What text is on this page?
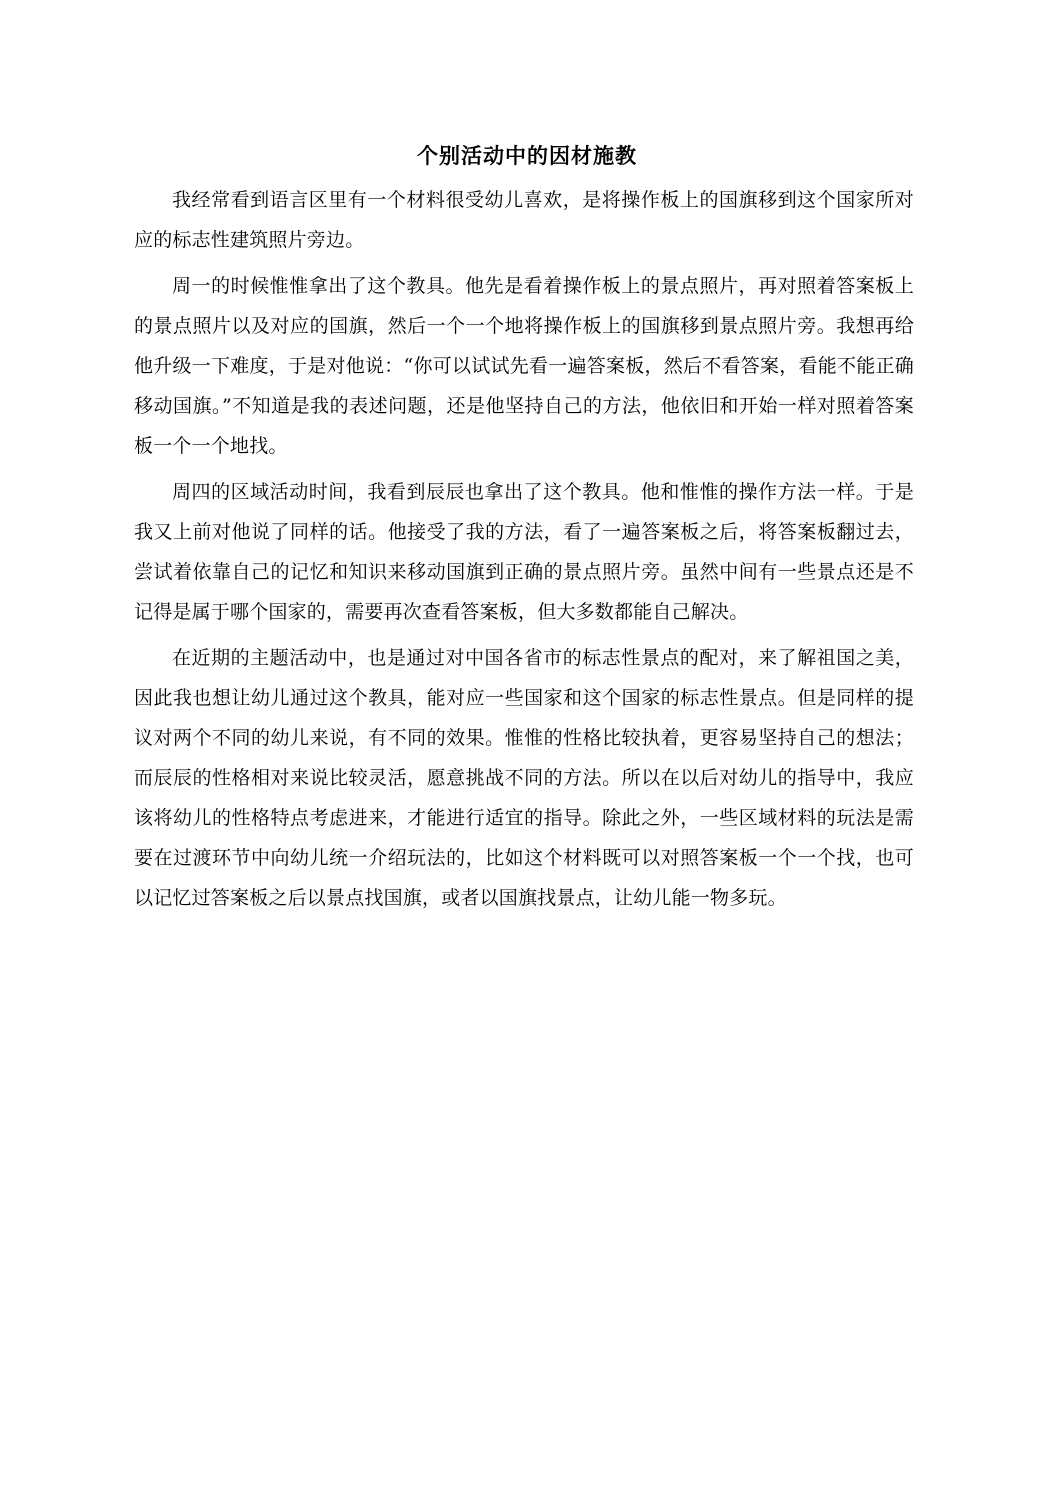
个别活动中的因材施教

我经常看到语言区里有一个材料很受幼儿喜欢，是将操作板上的国旗移到这个国家所对应的标志性建筑照片旁边。

周一的时候惟惟拿出了这个教具。他先是看着操作板上的景点照片，再对照着答案板上的景点照片以及对应的国旗，然后一个一个地将操作板上的国旗移到景点照片旁。我想再给他升级一下难度，于是对他说：“你可以试试先看一遍答案板，然后不看答案，看能不能正确移动国旗。”不知道是我的表述问题，还是他坚持自己的方法，他依旧和开始一样对照着答案板一个一个地找。

周四的区域活动时间，我看到辰辰也拿出了这个教具。他和惟惟的操作方法一样。于是我又上前对他说了同样的话。他接受了我的方法，看了一遍答案板之后，将答案板翻过去，尝试着依靠自己的记忆和知识来移动国旗到正确的景点照片旁。虽然中间有一些景点还是不记得是属于哪个国家的，需要再次查看答案板，但大多数都能自己解决。

在近期的主题活动中，也是通过对中国各省市的标志性景点的配对，来了解祖国之美，因此我也想让幼儿通过这个教具，能对应一些国家和这个国家的标志性景点。但是同样的提议对两个不同的幼儿来说，有不同的效果。惟惟的性格比较执着，更容易坚持自己的想法；而辰辰的性格相对来说比较灵活，愿意挑战不同的方法。所以在以后对幼儿的指导中，我应该将幼儿的性格特点考虑进来，才能进行适宜的指导。除此之外，一些区域材料的玩法是需要在过渡环节中向幼儿统一介绍玩法的，比如这个材料既可以对照答案板一个一个找，也可以记忆过答案板之后以景点找国旗，或者以国旗找景点，让幼儿能一物多玩。
